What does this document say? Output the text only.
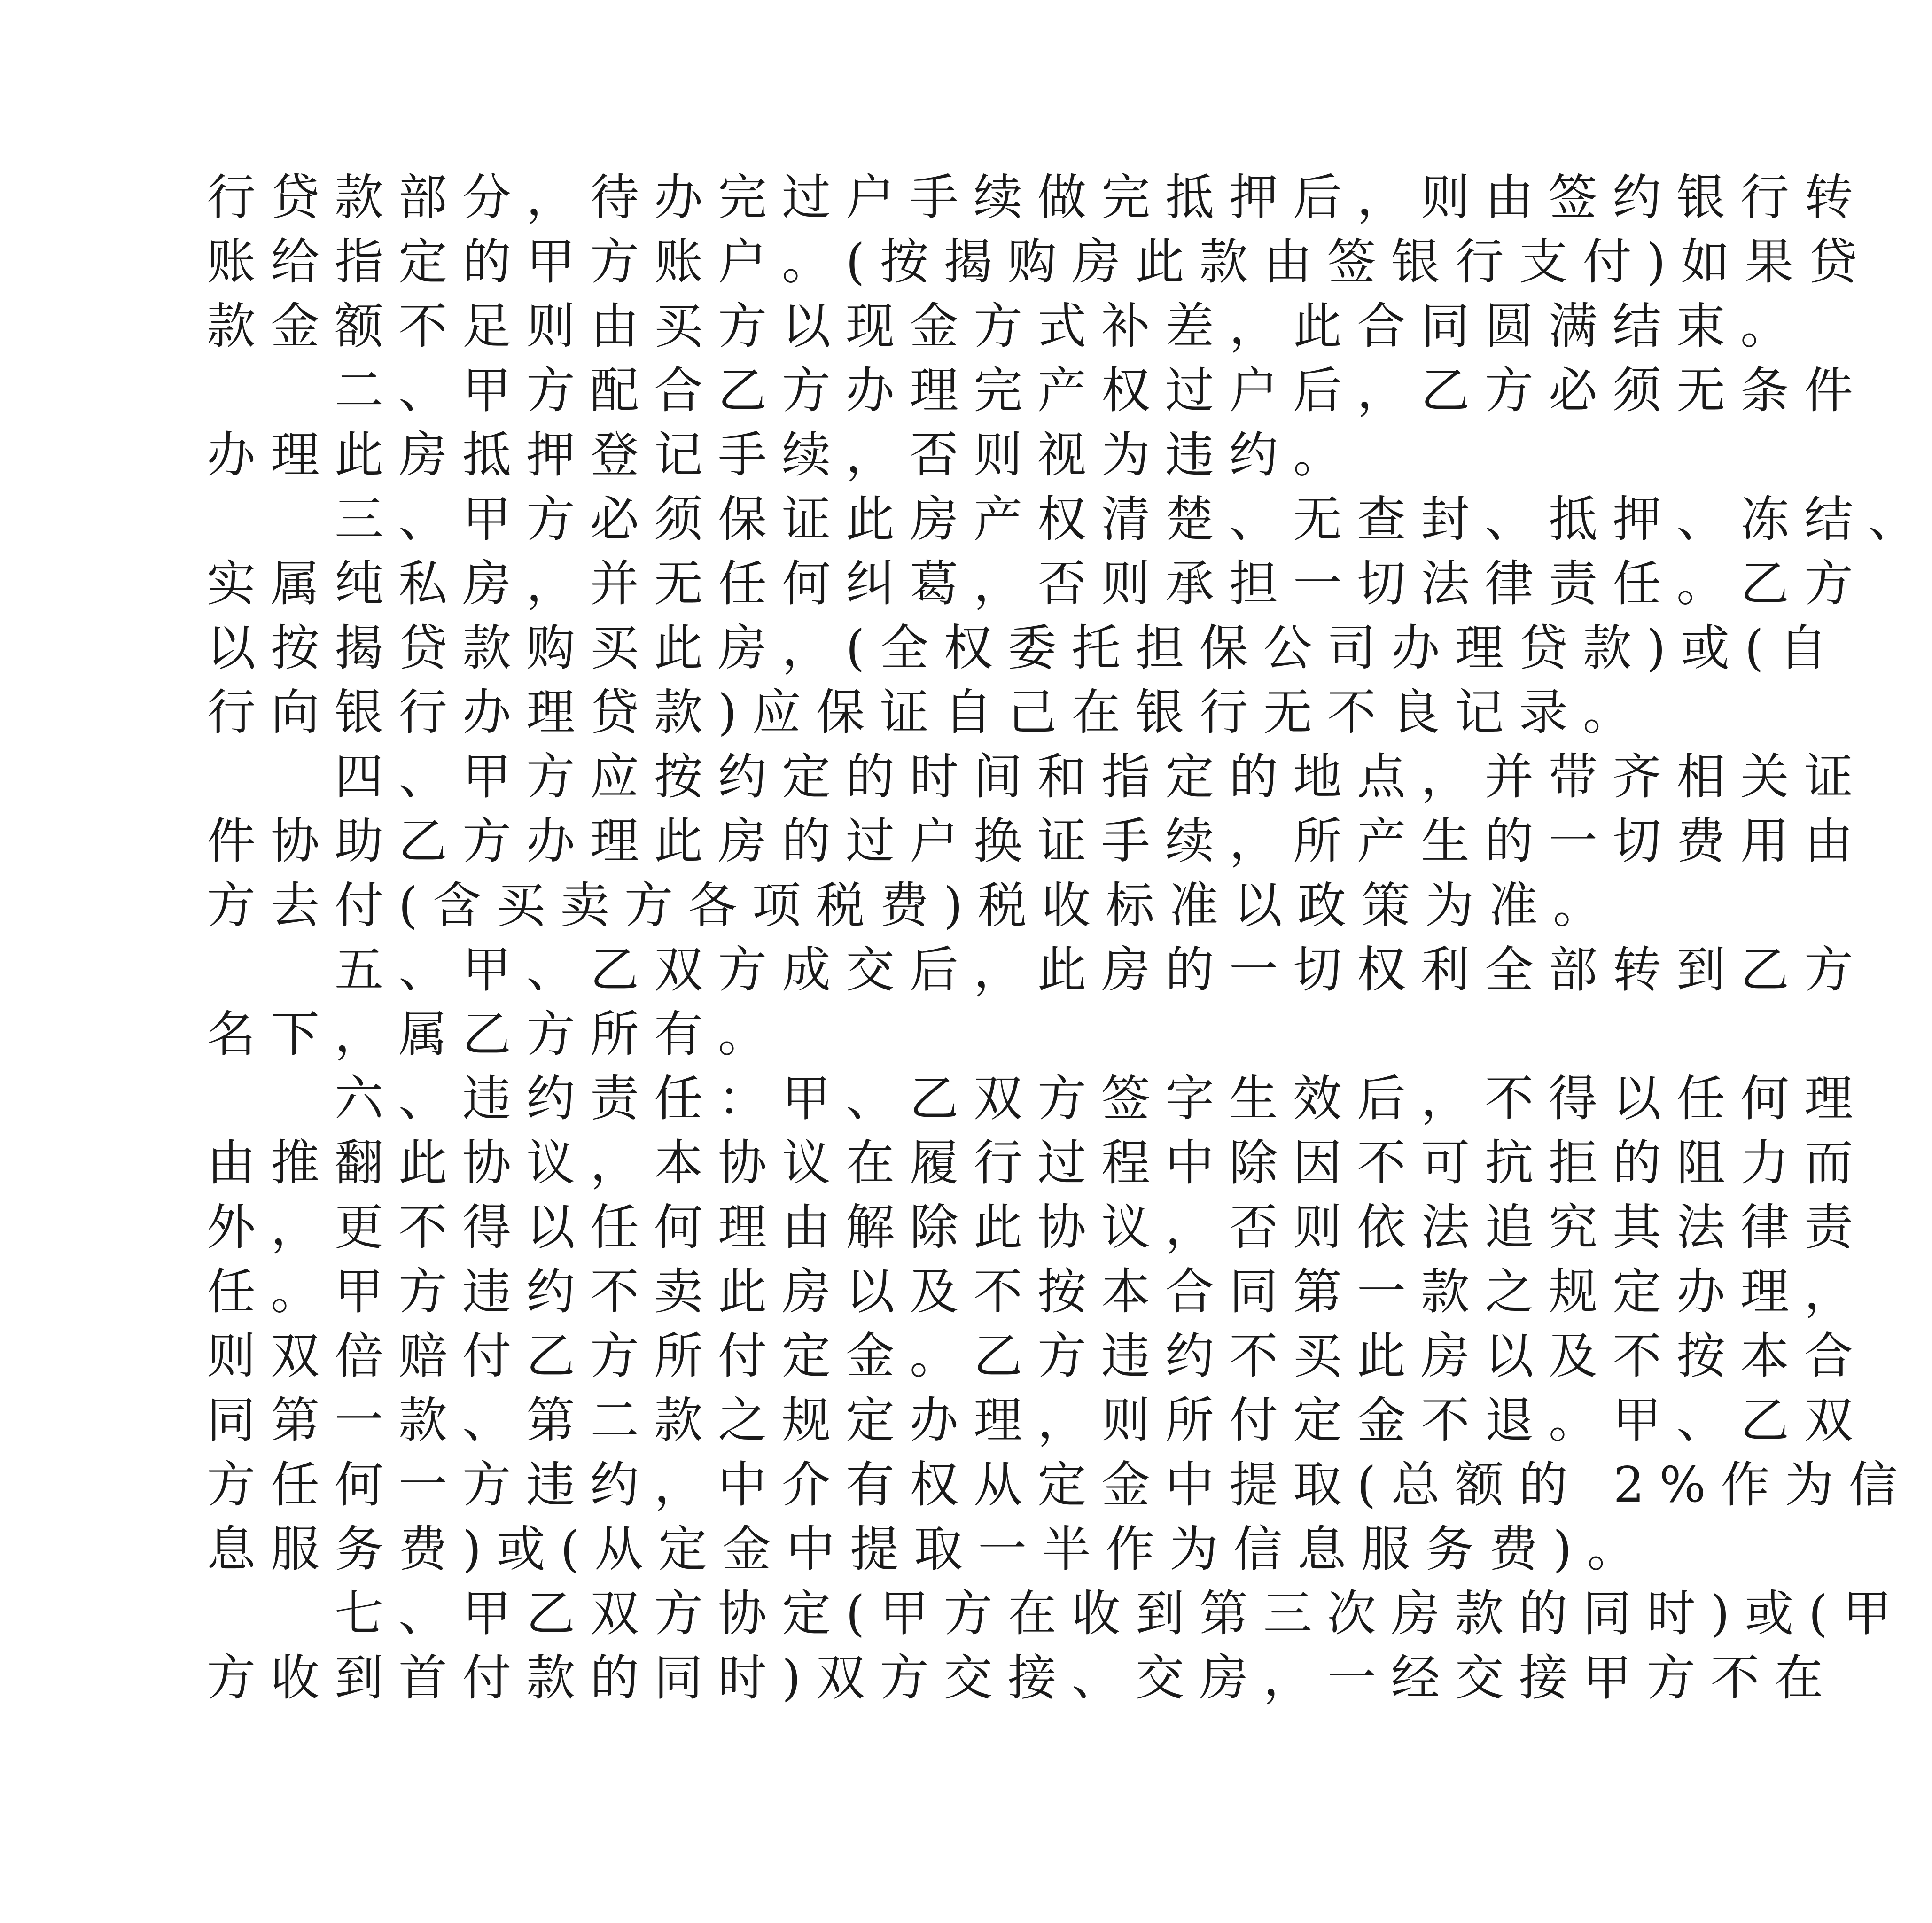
行贷款部分，待办完过户手续做完抵押后，则由签约银行转
账给指定的甲方账户。(按揭购房此款由签银行支付)如果贷
款金额不足则由买方以现金方式补差，此合同圆满结束。
二、甲方配合乙方办理完产权过户后，乙方必须无条件
办理此房抵押登记手续，否则视为违约。
三、甲方必须保证此房产权清楚、无查封、抵押、冻结、
实属纯私房，并无任何纠葛，否则承担一切法律责任。乙方
以按揭贷款购买此房，(全权委托担保公司办理贷款)或(自
行向银行办理贷款)应保证自己在银行无不良记录。
四、甲方应按约定的时间和指定的地点，并带齐相关证
件协助乙方办理此房的过户换证手续，所产生的一切费用由
方去付(含买卖方各项税费)税收标准以政策为准。
五、甲、乙双方成交后，此房的一切权利全部转到乙方
名下，属乙方所有。
六、违约责任：甲、乙双方签字生效后，不得以任何理
由推翻此协议，本协议在履行过程中除因不可抗拒的阻力而
外，更不得以任何理由解除此协议，否则依法追究其法律责
任。甲方违约不卖此房以及不按本合同第一款之规定办理，
则双倍赔付乙方所付定金。乙方违约不买此房以及不按本合
同第一款、第二款之规定办理，则所付定金不退。甲、乙双
方任何一方违约，中介有权从定金中提取(总额的 2%作为信
息服务费)或(从定金中提取一半作为信息服务费)。
七、甲乙双方协定(甲方在收到第三次房款的同时)或(甲
方收到首付款的同时)双方交接、交房，一经交接甲方不在
